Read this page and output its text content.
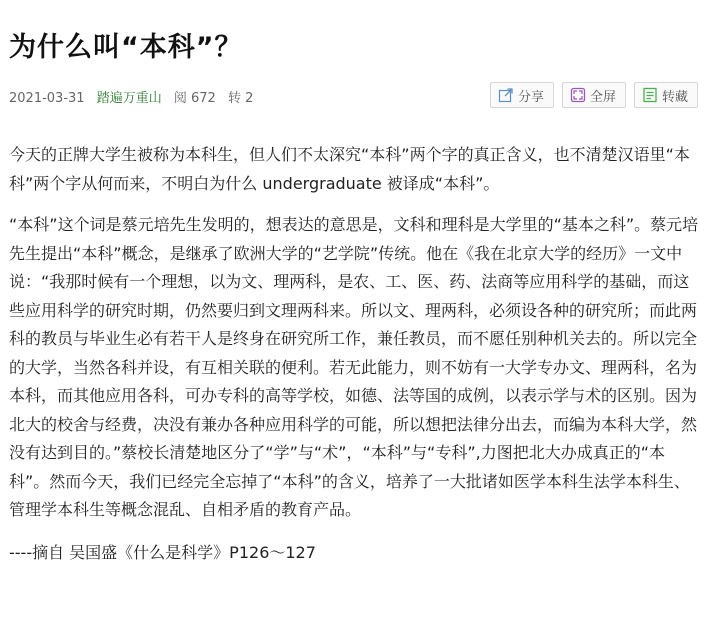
为什么叫“本科”？
2021-03-31 踏遍万重山 阅 672 转 2	分享	全屏	转藏

今天的正牌大学生被称为本科生，但人们不太深究“本科”两个字的真正含义，也不清楚汉语里“本科”两个字从何而来，不明白为什么 undergraduate 被译成“本科”。

“本科”这个词是蔡元培先生发明的，想表达的意思是，文科和理科是大学里的“基本之科”。蔡元培先生提出“本科”概念，是继承了欧洲大学的“艺学院”传统。他在《我在北京大学的经历》一文中说：“我那时候有一个理想，以为文、理两科，是农、工、医、药、法商等应用科学的基础，而这些应用科学的研究时期，仍然要归到文理两科来。所以文、理两科，必须设各种的研究所；而此两科的教员与毕业生必有若干人是终身在研究所工作，兼任教员，而不愿任别种机关去的。所以完全的大学，当然各科并设，有互相关联的便利。若无此能力，则不妨有一大学专办文、理两科，名为本科，而其他应用各科，可办专科的高等学校，如德、法等国的成例，以表示学与术的区别。因为北大的校舍与经费，决没有兼办各种应用科学的可能，所以想把法律分出去，而编为本科大学，然没有达到目的。”蔡校长清楚地区分了“学”与“术”，“本科”与“专科”,力图把北大办成真正的“本科”。然而今天，我们已经完全忘掉了“本科”的含义，培养了一大批诸如医学本科生法学本科生、管理学本科生等概念混乱、自相矛盾的教育产品。

----摘自 吴国盛《什么是科学》P126～127
